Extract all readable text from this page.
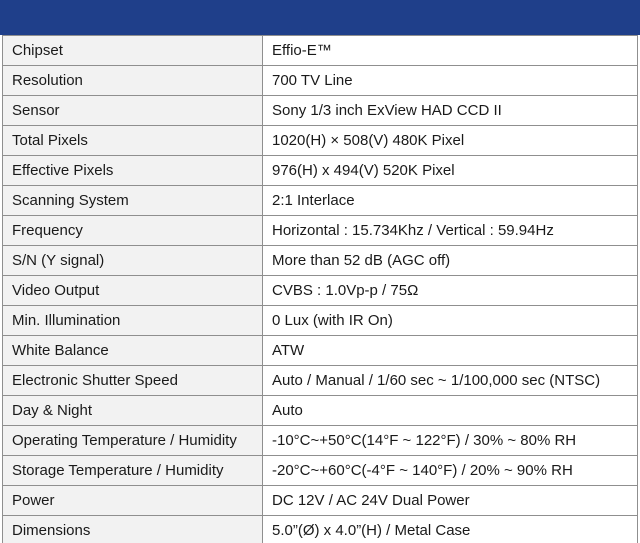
Chipset	Effio-E™
Resolution	700 TV Line
Sensor	Sony 1/3 inch ExView HAD CCD II
Total Pixels	1020(H) × 508(V) 480K Pixel
Effective Pixels	976(H) x 494(V) 520K Pixel
Scanning System	2:1 Interlace
Frequency	Horizontal : 15.734Khz / Vertical : 59.94Hz
S/N (Y signal)	More than 52 dB (AGC off)
Video Output	CVBS : 1.0Vp-p / 75Ω
Min. Illumination	0 Lux (with IR On)
White Balance	ATW
Electronic Shutter Speed	Auto / Manual / 1/60 sec ~ 1/100,000 sec (NTSC)
Day & Night	Auto
Operating Temperature / Humidity	-10°C~+50°C(14°F ~ 122°F) / 30% ~ 80% RH
Storage Temperature / Humidity	-20°C~+60°C(-4°F ~ 140°F) / 20% ~ 90% RH
Power	DC 12V / AC 24V Dual Power
Dimensions	5.0”(Ø) x 4.0”(H) / Metal Case
